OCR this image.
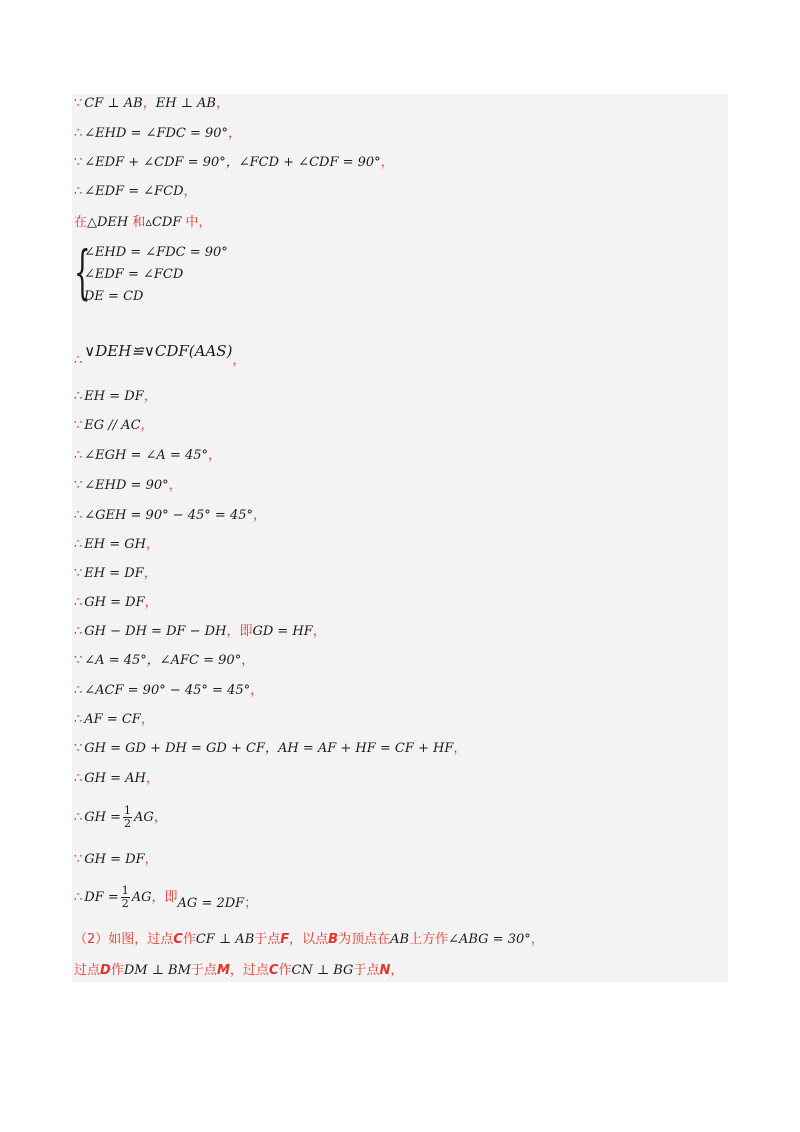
∵ CF ⊥ AB，EH ⊥ AB，
∴ ∠EHD = ∠FDC = 90°，
∵ ∠EDF + ∠CDF = 90°，∠FCD + ∠CDF = 90°，
∴ ∠EDF = ∠FCD，
在△DEH 和▵CDF 中，
{
∠EHD = ∠FDC = 90°
∠EDF = ∠FCD
DE = CD
∴∨DEH≌∨CDF(AAS)，
∴ EH = DF，
∵ EG // AC，
∴ ∠EGH = ∠A = 45°，
∵ ∠EHD = 90°，
∴ ∠GEH = 90° − 45° = 45°，
∴ EH = GH，
∵ EH = DF，
∴ GH = DF，
∴ GH − DH = DF − DH，即GD = HF，
∵ ∠A = 45°，∠AFC = 90°，
∴ ∠ACF = 90° − 45° = 45°，
∴ AF = CF，
∵ GH = GD + DH = GD + CF，AH = AF + HF = CF + HF，
∴ GH = AH，
∴ GH = $\frac{1}{2}$ AG，
∵ GH = DF，
∴ DF = $\frac{1}{2}$ AG，即AG = 2DF；
（2）如图，过点C作CF ⊥ AB于点F，以点B为顶点在AB上方作∠ABG = 30°，
过点D作DM ⊥ BM于点M，过点C作CN ⊥ BG于点N，
